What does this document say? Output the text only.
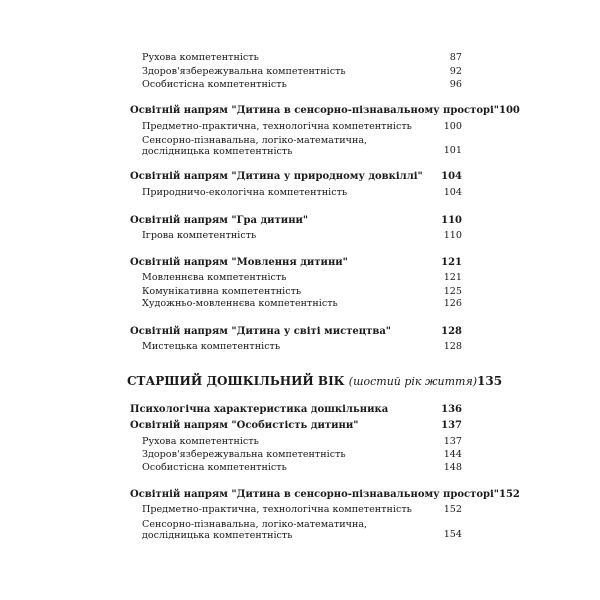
Рухова компетентність	87
Здоров'язбережувальна компетентність	92
Особистісна компетентність	96
Освітній напрям "Дитина в сенсорно-пізнавальному просторі" 100
Предметно-практична, технологічна компетентність	100
Сенсорно-пізнавальна, логіко-математична,
дослідницька компетентність	101
Освітній напрям "Дитина у природному довкіллі"	104
Природничо-екологічна компетентність	104
Освітній напрям "Гра дитини"	110
Ігрова компетентність	110
Освітній напрям "Мовлення дитини"	121
Мовленнєва компетентність	121
Комунікативна компетентність	125
Художньо-мовленнєва компетентність	126
Освітній напрям "Дитина у світі мистецтва"	128
Мистецька компетентність	128
СТАРШИЙ ДОШКІЛЬНИЙ ВІК (шостий рік життя) 135
Психологічна характеристика дошкільника	136
Освітній напрям "Особистість дитини"	137
Рухова компетентність	137
Здоров'язбережувальна компетентність	144
Особистісна компетентність	148
Освітній напрям "Дитина в сенсорно-пізнавальному просторі" 152
Предметно-практична, технологічна компетентність	152
Сенсорно-пізнавальна, логіко-математична,
дослідницька компетентність	154
